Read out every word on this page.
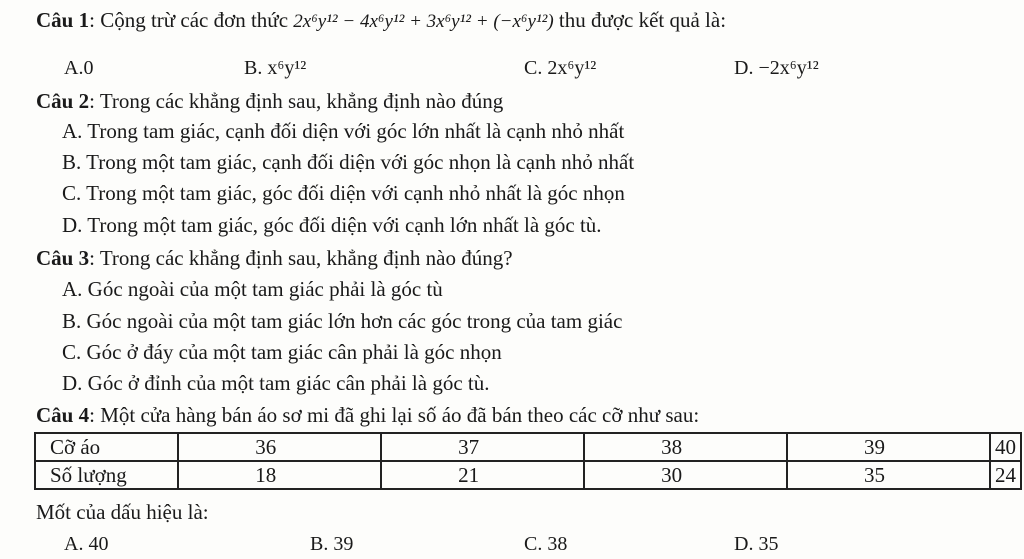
Câu 1: Cộng trừ các đơn thức 2x⁶y¹² − 4x⁶y¹² + 3x⁶y¹² + (−x⁶y¹²) thu được kết quả là:
A.0	B. x⁶y¹²	C. 2x⁶y¹²	D. −2x⁶y¹²
Câu 2: Trong các khẳng định sau, khẳng định nào đúng
A. Trong tam giác, cạnh đối diện với góc lớn nhất là cạnh nhỏ nhất
B. Trong một tam giác, cạnh đối diện với góc nhọn là cạnh nhỏ nhất
C. Trong một tam giác, góc đối diện với cạnh nhỏ nhất là góc nhọn
D. Trong một tam giác, góc đối diện với cạnh lớn nhất là góc tù.
Câu 3: Trong các khẳng định sau, khẳng định nào đúng?
A. Góc ngoài của một tam giác phải là góc tù
B. Góc ngoài của một tam giác lớn hơn các góc trong của tam giác
C. Góc ở đáy của một tam giác cân phải là góc nhọn
D. Góc ở đỉnh của một tam giác cân phải là góc tù.
Câu 4: Một cửa hàng bán áo sơ mi đã ghi lại số áo đã bán theo các cỡ như sau:
Cỡ áo	36	37	38	39	40
Số lượng	18	21	30	35	24
Mốt của dấu hiệu là:
A. 40	B. 39	C. 38	D. 35
